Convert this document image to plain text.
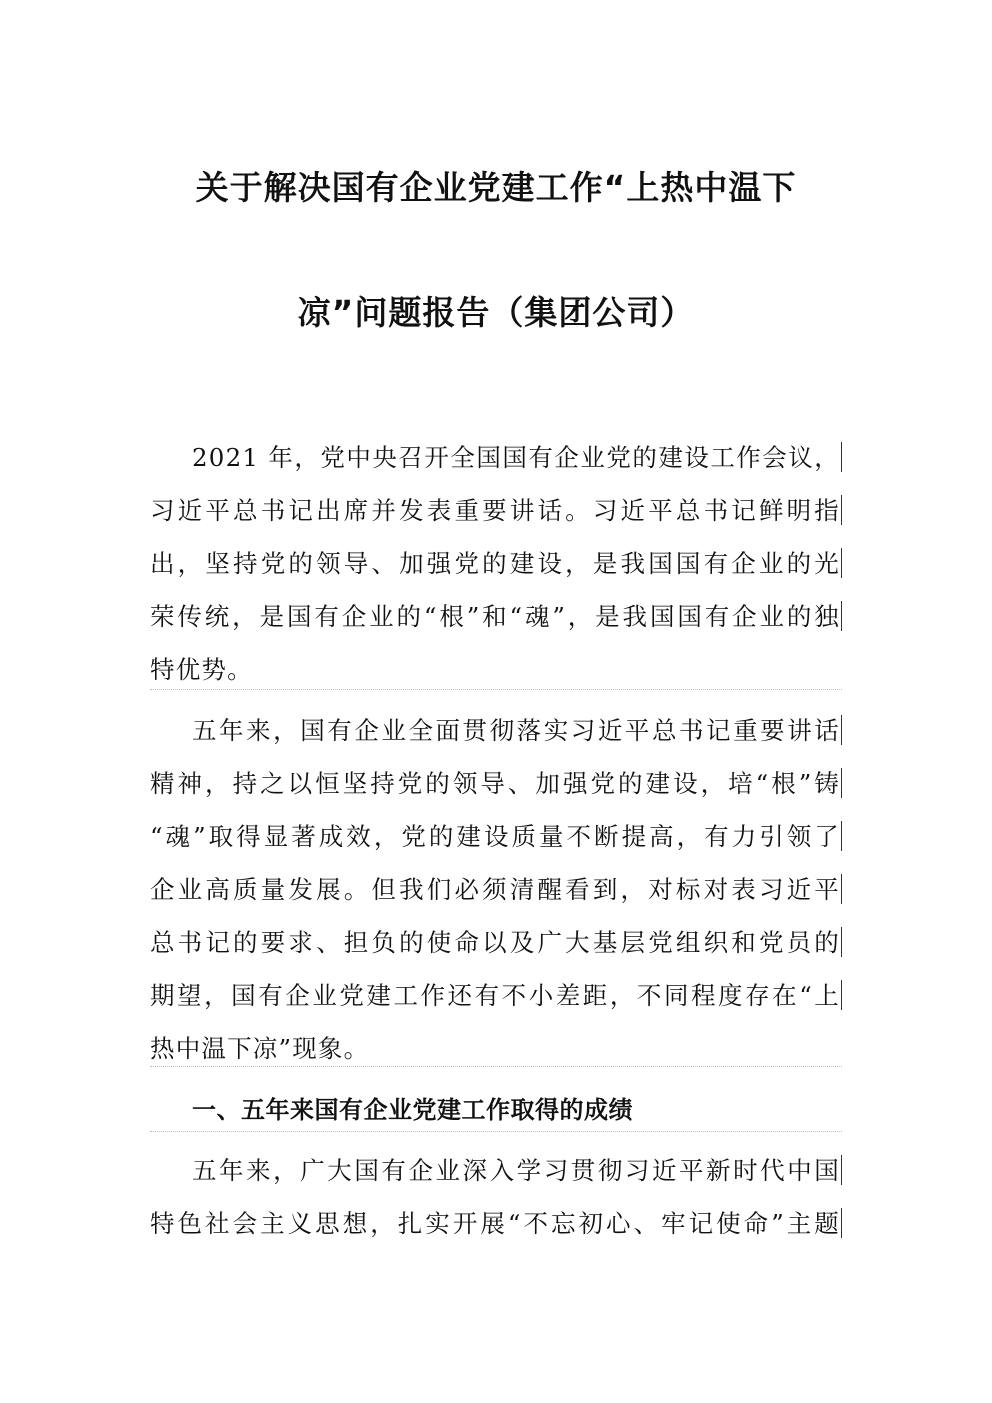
关于解决国有企业党建工作“上热中温下
凉”问题报告（集团公司）
2021 年，党中央召开全国国有企业党的建设工作会议，
习近平总书记出席并发表重要讲话。习近平总书记鲜明指
出，坚持党的领导、加强党的建设，是我国国有企业的光
荣传统，是国有企业的“根”和“魂”，是我国国有企业的独
特优势。
五年来，国有企业全面贯彻落实习近平总书记重要讲话
精神，持之以恒坚持党的领导、加强党的建设，培“根”铸
“魂”取得显著成效，党的建设质量不断提高，有力引领了
企业高质量发展。但我们必须清醒看到，对标对表习近平
总书记的要求、担负的使命以及广大基层党组织和党员的
期望，国有企业党建工作还有不小差距，不同程度存在“上
热中温下凉”现象。
一、五年来国有企业党建工作取得的成绩
五年来，广大国有企业深入学习贯彻习近平新时代中国
特色社会主义思想，扎实开展“不忘初心、牢记使命”主题
